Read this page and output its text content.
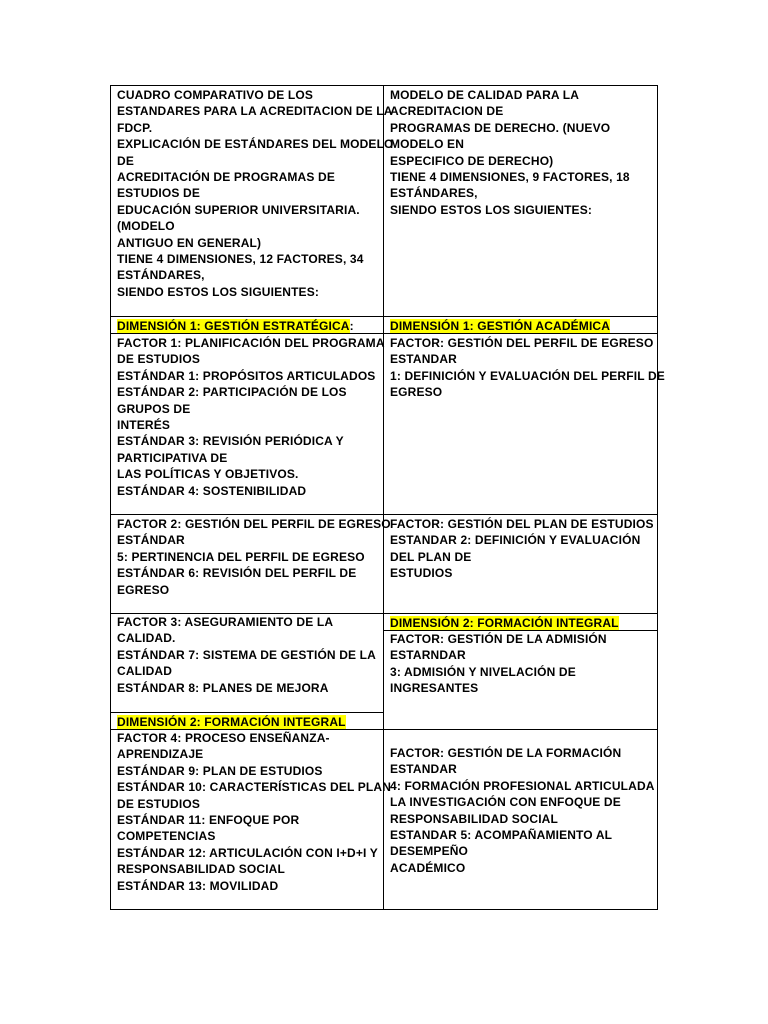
CUADRO COMPARATIVO DE LOS
ESTANDARES PARA LA ACREDITACION DE LA
FDCP.
EXPLICACIÓN DE ESTÁNDARES DEL MODELO
DE
ACREDITACIÓN DE PROGRAMAS DE
ESTUDIOS DE
EDUCACIÓN SUPERIOR UNIVERSITARIA.
(MODELO
ANTIGUO EN GENERAL)
TIENE 4 DIMENSIONES, 12 FACTORES, 34
ESTÁNDARES,
SIENDO ESTOS LOS SIGUIENTES:
DIMENSIÓN 1: GESTIÓN ESTRATÉGICA:
FACTOR 1: PLANIFICACIÓN DEL PROGRAMA
DE ESTUDIOS
ESTÁNDAR 1: PROPÓSITOS ARTICULADOS
ESTÁNDAR 2: PARTICIPACIÓN DE LOS
GRUPOS DE
INTERÉS
ESTÁNDAR 3: REVISIÓN PERIÓDICA Y
PARTICIPATIVA DE
LAS POLÍTICAS Y OBJETIVOS.
ESTÁNDAR 4: SOSTENIBILIDAD
FACTOR 2: GESTIÓN DEL PERFIL DE EGRESO
ESTÁNDAR
5: PERTINENCIA DEL PERFIL DE EGRESO
ESTÁNDAR 6: REVISIÓN DEL PERFIL DE
EGRESO
FACTOR 3: ASEGURAMIENTO DE LA
CALIDAD.
ESTÁNDAR 7: SISTEMA DE GESTIÓN DE LA
CALIDAD
ESTÁNDAR 8: PLANES DE MEJORA
DIMENSIÓN 2: FORMACIÓN INTEGRAL
FACTOR 4: PROCESO ENSEÑANZA-
APRENDIZAJE
ESTÁNDAR 9: PLAN DE ESTUDIOS
ESTÁNDAR 10: CARACTERÍSTICAS DEL PLAN
DE ESTUDIOS
ESTÁNDAR 11: ENFOQUE POR
COMPETENCIAS
ESTÁNDAR 12: ARTICULACIÓN CON I+D+I Y
RESPONSABILIDAD SOCIAL
ESTÁNDAR 13: MOVILIDAD
MODELO DE CALIDAD PARA LA
ACREDITACION DE
PROGRAMAS DE DERECHO. (NUEVO
MODELO EN
ESPECIFICO DE DERECHO)
TIENE 4 DIMENSIONES, 9 FACTORES, 18
ESTÁNDARES,
SIENDO ESTOS LOS SIGUIENTES:
DIMENSIÓN 1: GESTIÓN ACADÉMICA
FACTOR: GESTIÓN DEL PERFIL DE EGRESO
ESTANDAR
1: DEFINICIÓN Y EVALUACIÓN DEL PERFIL DE
EGRESO
FACTOR: GESTIÓN DEL PLAN DE ESTUDIOS
ESTANDAR 2: DEFINICIÓN Y EVALUACIÓN
DEL PLAN DE
ESTUDIOS
DIMENSIÓN 2: FORMACIÓN INTEGRAL
FACTOR: GESTIÓN DE LA ADMISIÓN
ESTARNDAR
3: ADMISIÓN Y NIVELACIÓN DE
INGRESANTES
FACTOR: GESTIÓN DE LA FORMACIÓN
ESTANDAR
4: FORMACIÓN PROFESIONAL ARTICULADA
LA INVESTIGACIÓN CON ENFOQUE DE
RESPONSABILIDAD SOCIAL
ESTANDAR 5: ACOMPAÑAMIENTO AL
DESEMPEÑO
ACADÉMICO
